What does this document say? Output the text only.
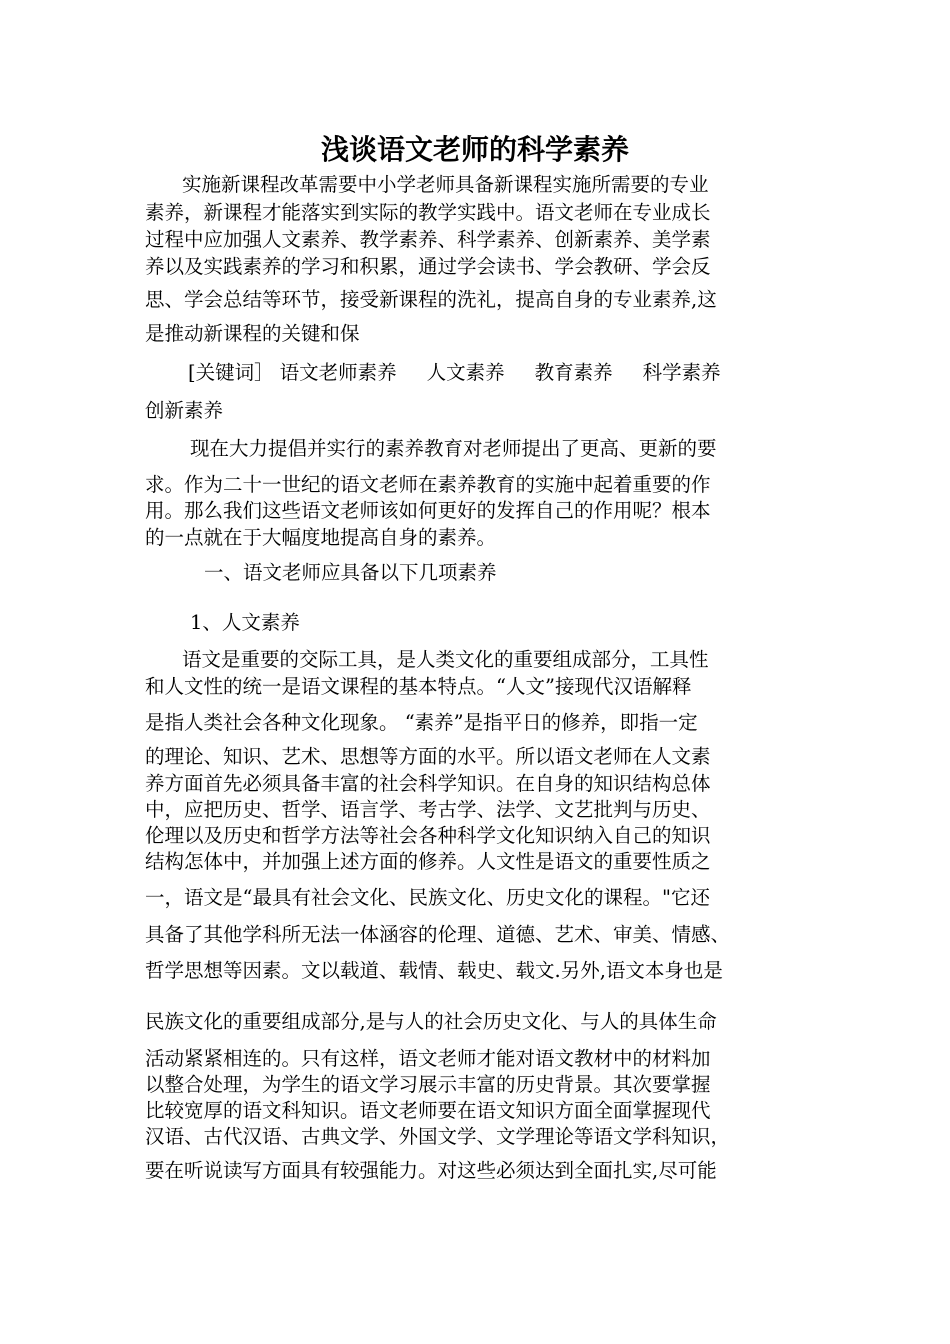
浅谈语文老师的科学素养
实施新课程改革需要中小学老师具备新课程实施所需要的专业
素养，新课程才能落实到实际的教学实践中。语文老师在专业成长
过程中应加强人文素养、教学素养、科学素养、创新素养、美学素
养以及实践素养的学习和积累，通过学会读书、学会教研、学会反
思、学会总结等环节，接受新课程的洗礼，提高自身的专业素养,这
是推动新课程的关键和保
[关键词］ 语文老师素养 人文素养 教育素养 科学素养
创新素养
现在大力提倡并实行的素养教育对老师提出了更高、更新的要
求。作为二十一世纪的语文老师在素养教育的实施中起着重要的作
用。那么我们这些语文老师该如何更好的发挥自己的作用呢？根本
的一点就在于大幅度地提高自身的素养。
一、语文老师应具备以下几项素养
1、人文素养
语文是重要的交际工具，是人类文化的重要组成部分，工具性
和人文性的统一是语文课程的基本特点。“人文”接现代汉语解释
是指人类社会各种文化现象。 “素养”是指平日的修养，即指一定
的理论、知识、艺术、思想等方面的水平。所以语文老师在人文素
养方面首先必须具备丰富的社会科学知识。在自身的知识结构总体
中，应把历史、哲学、语言学、考古学、法学、文艺批判与历史、
伦理以及历史和哲学方法等社会各种科学文化知识纳入自己的知识
结构怎体中，并加强上述方面的修养。人文性是语文的重要性质之
一，语文是“最具有社会文化、民族文化、历史文化的课程。"它还
具备了其他学科所无法一体涵容的伦理、道德、艺术、审美、情感、
哲学思想等因素。文以载道、载情、载史、载文.另外,语文本身也是
民族文化的重要组成部分,是与人的社会历史文化、与人的具体生命
活动紧紧相连的。只有这样，语文老师才能对语文教材中的材料加
以整合处理，为学生的语文学习展示丰富的历史背景。其次要掌握
比较宽厚的语文科知识。语文老师要在语文知识方面全面掌握现代
汉语、古代汉语、古典文学、外国文学、文学理论等语文学科知识，
要在听说读写方面具有较强能力。对这些必须达到全面扎实,尽可能
